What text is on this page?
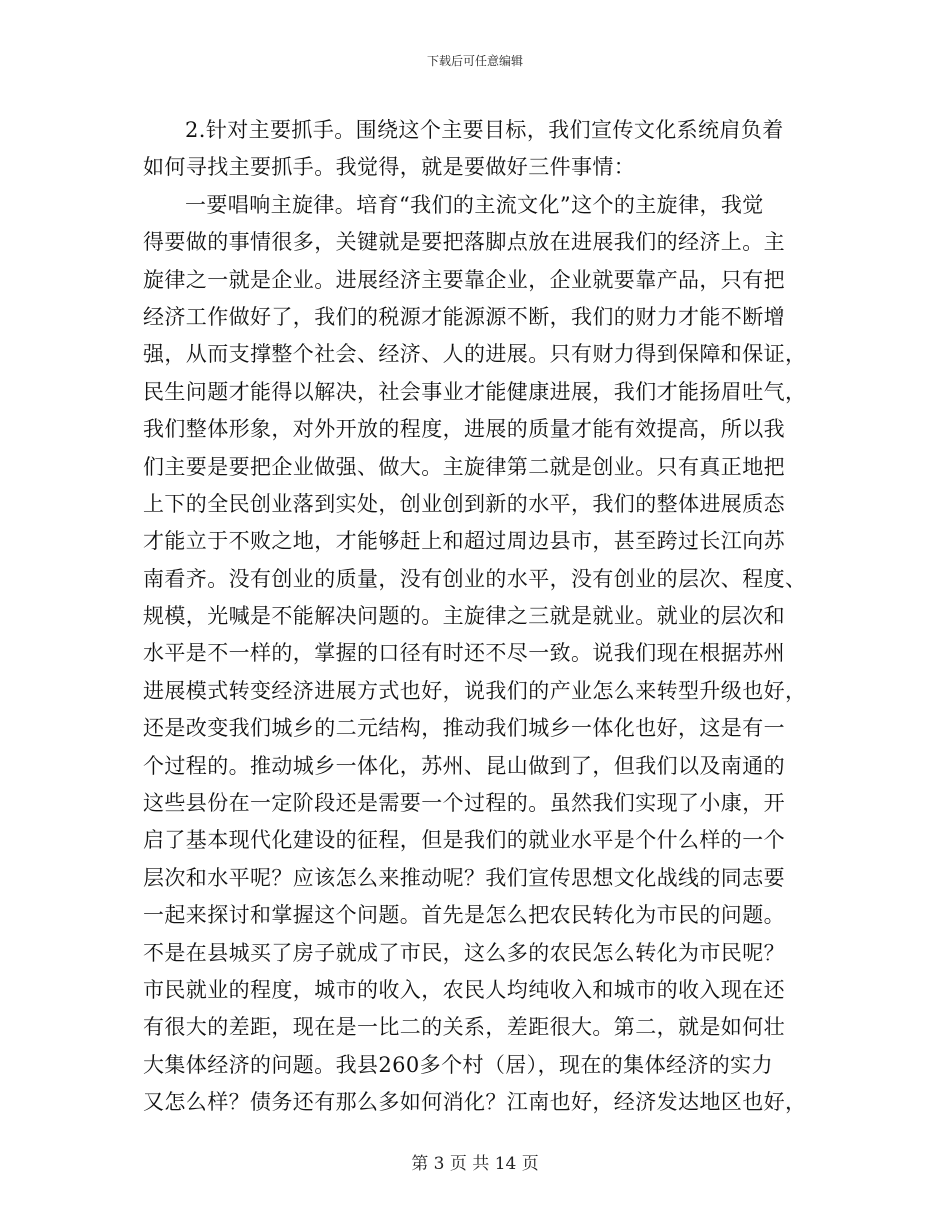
下载后可任意编辑
2.针对主要抓手。围绕这个主要目标，我们宣传文化系统肩负着
如何寻找主要抓手。我觉得，就是要做好三件事情：
一要唱响主旋律。培育“我们的主流文化”这个的主旋律，我觉
得要做的事情很多，关键就是要把落脚点放在进展我们的经济上。主
旋律之一就是企业。进展经济主要靠企业，企业就要靠产品，只有把
经济工作做好了，我们的税源才能源源不断，我们的财力才能不断增
强，从而支撑整个社会、经济、人的进展。只有财力得到保障和保证，
民生问题才能得以解决，社会事业才能健康进展，我们才能扬眉吐气，
我们整体形象，对外开放的程度，进展的质量才能有效提高，所以我
们主要是要把企业做强、做大。主旋律第二就是创业。只有真正地把
上下的全民创业落到实处，创业创到新的水平，我们的整体进展质态
才能立于不败之地，才能够赶上和超过周边县市，甚至跨过长江向苏
南看齐。没有创业的质量，没有创业的水平，没有创业的层次、程度、
规模，光喊是不能解决问题的。主旋律之三就是就业。就业的层次和
水平是不一样的，掌握的口径有时还不尽一致。说我们现在根据苏州
进展模式转变经济进展方式也好，说我们的产业怎么来转型升级也好，
还是改变我们城乡的二元结构，推动我们城乡一体化也好，这是有一
个过程的。推动城乡一体化，苏州、昆山做到了，但我们以及南通的
这些县份在一定阶段还是需要一个过程的。虽然我们实现了小康，开
启了基本现代化建设的征程，但是我们的就业水平是个什么样的一个
层次和水平呢？应该怎么来推动呢？我们宣传思想文化战线的同志要
一起来探讨和掌握这个问题。首先是怎么把农民转化为市民的问题。
不是在县城买了房子就成了市民，这么多的农民怎么转化为市民呢？
市民就业的程度，城市的收入，农民人均纯收入和城市的收入现在还
有很大的差距，现在是一比二的关系，差距很大。第二，就是如何壮
大集体经济的问题。我县260多个村（居），现在的集体经济的实力
又怎么样？债务还有那么多如何消化？江南也好，经济发达地区也好，
第 3 页 共 14 页
